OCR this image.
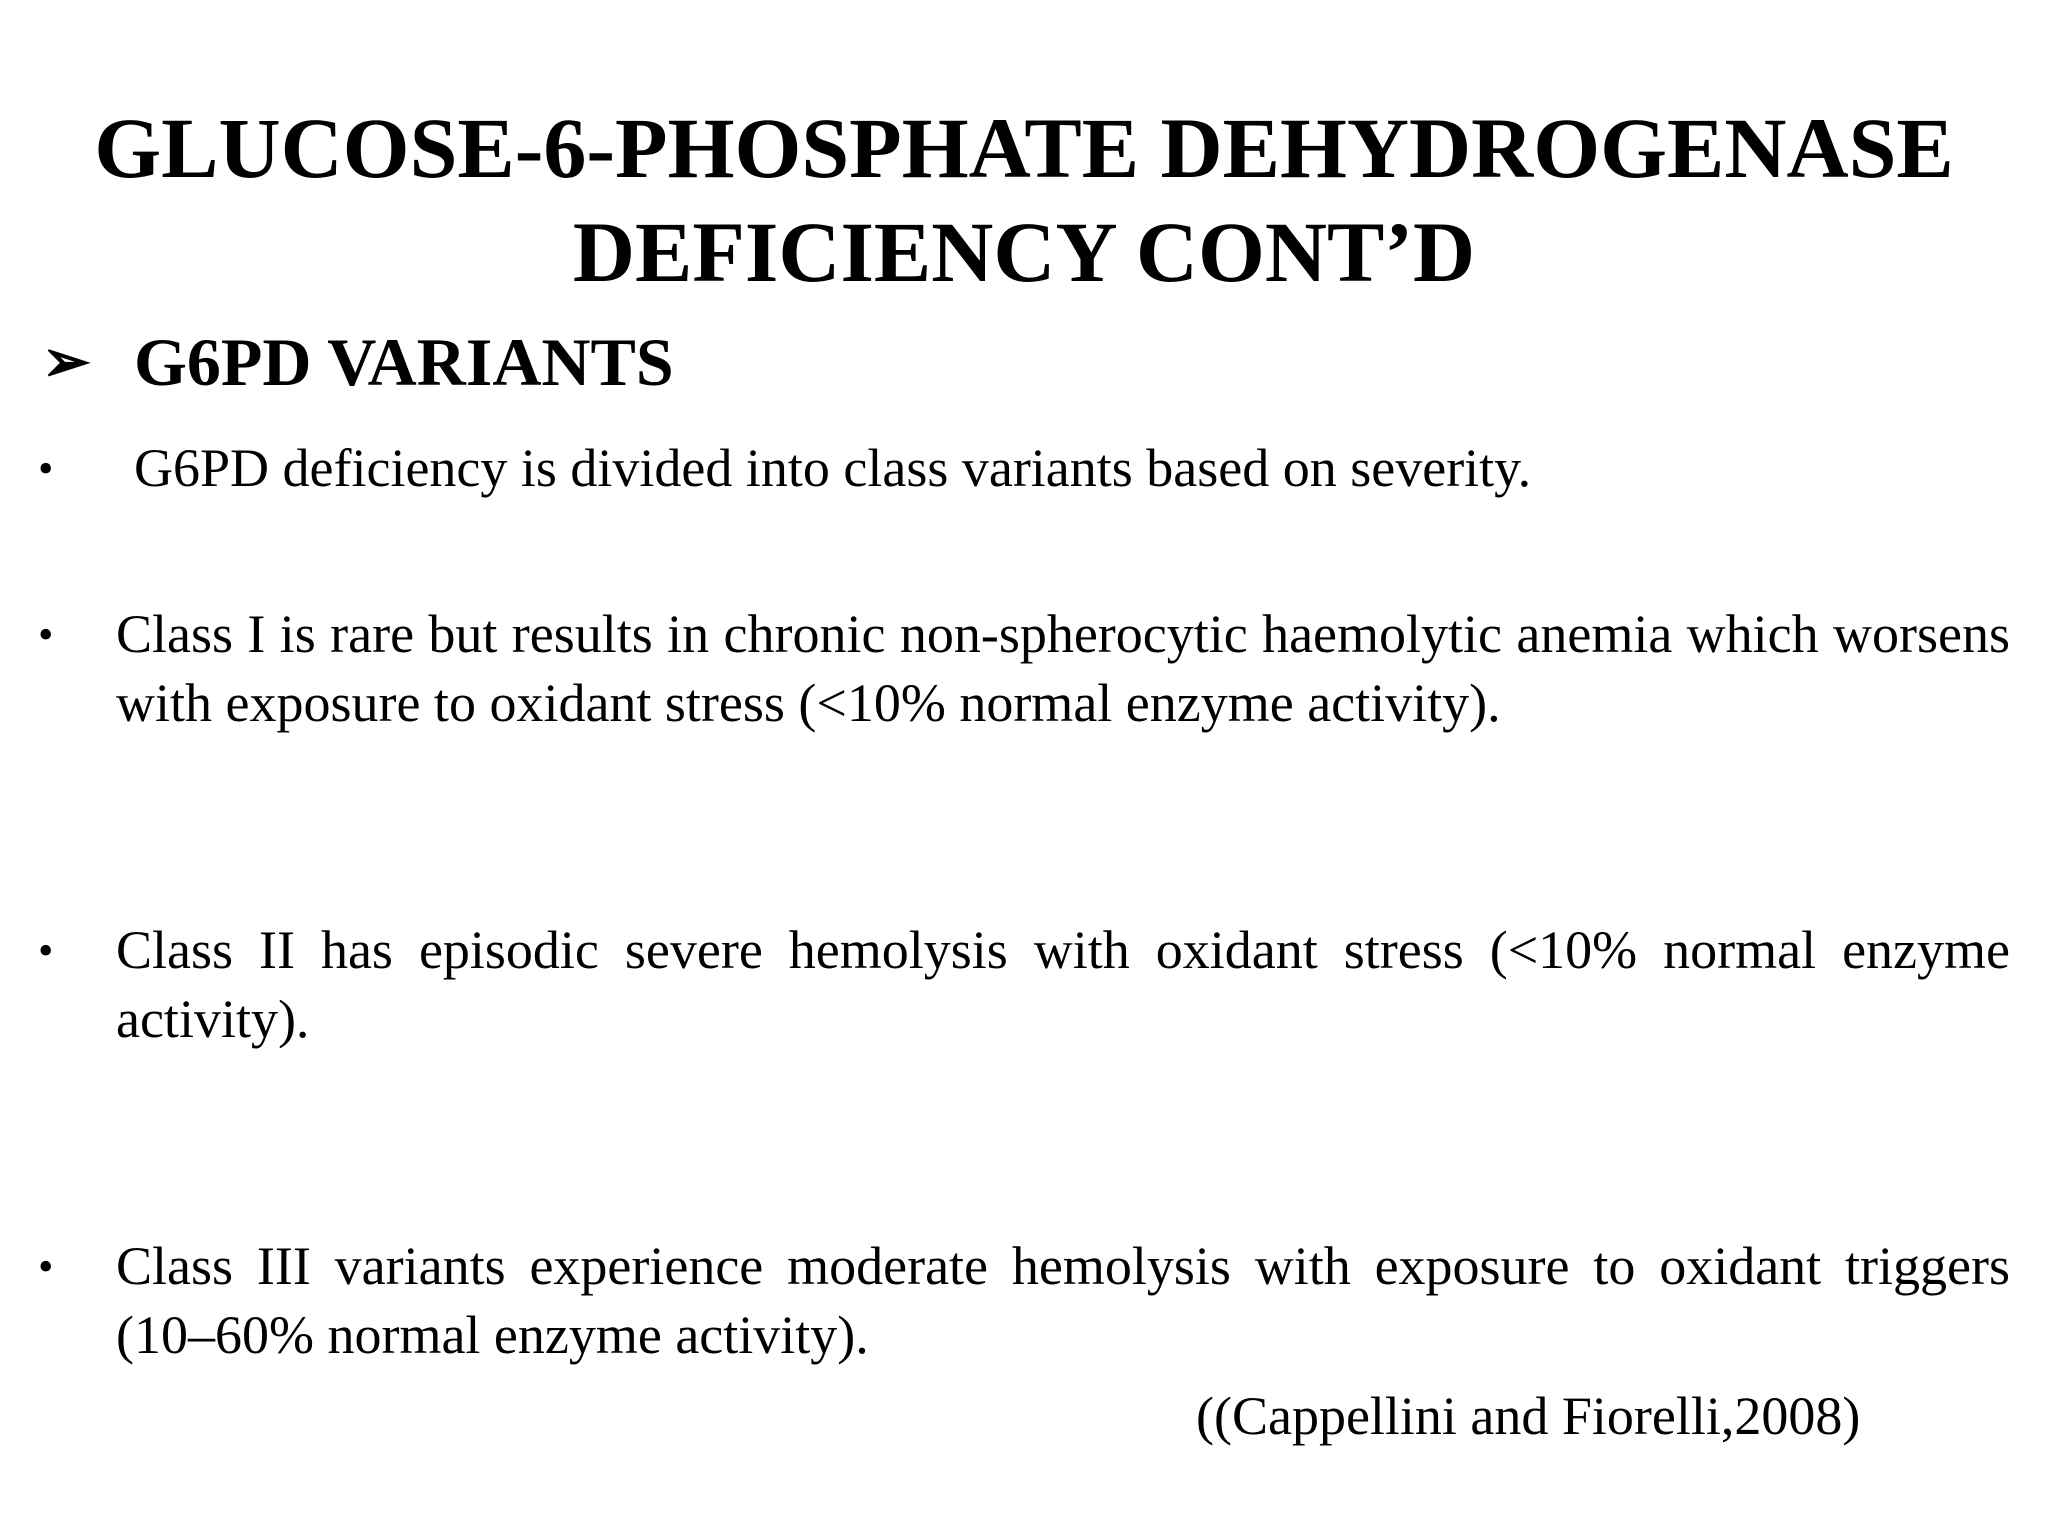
GLUCOSE-6-PHOSPHATE DEHYDROGENASE
DEFICIENCY CONT’D
➢ G6PD VARIANTS
• G6PD deficiency is divided into class variants based on severity.
• Class I is rare but results in chronic non-spherocytic haemolytic anemia which worsens with exposure to oxidant stress (<10% normal enzyme activity).
• Class II has episodic severe hemolysis with oxidant stress (<10% normal enzyme activity).
• Class III variants experience moderate hemolysis with exposure to oxidant triggers (10–60% normal enzyme activity).
((Cappellini and Fiorelli,2008)
